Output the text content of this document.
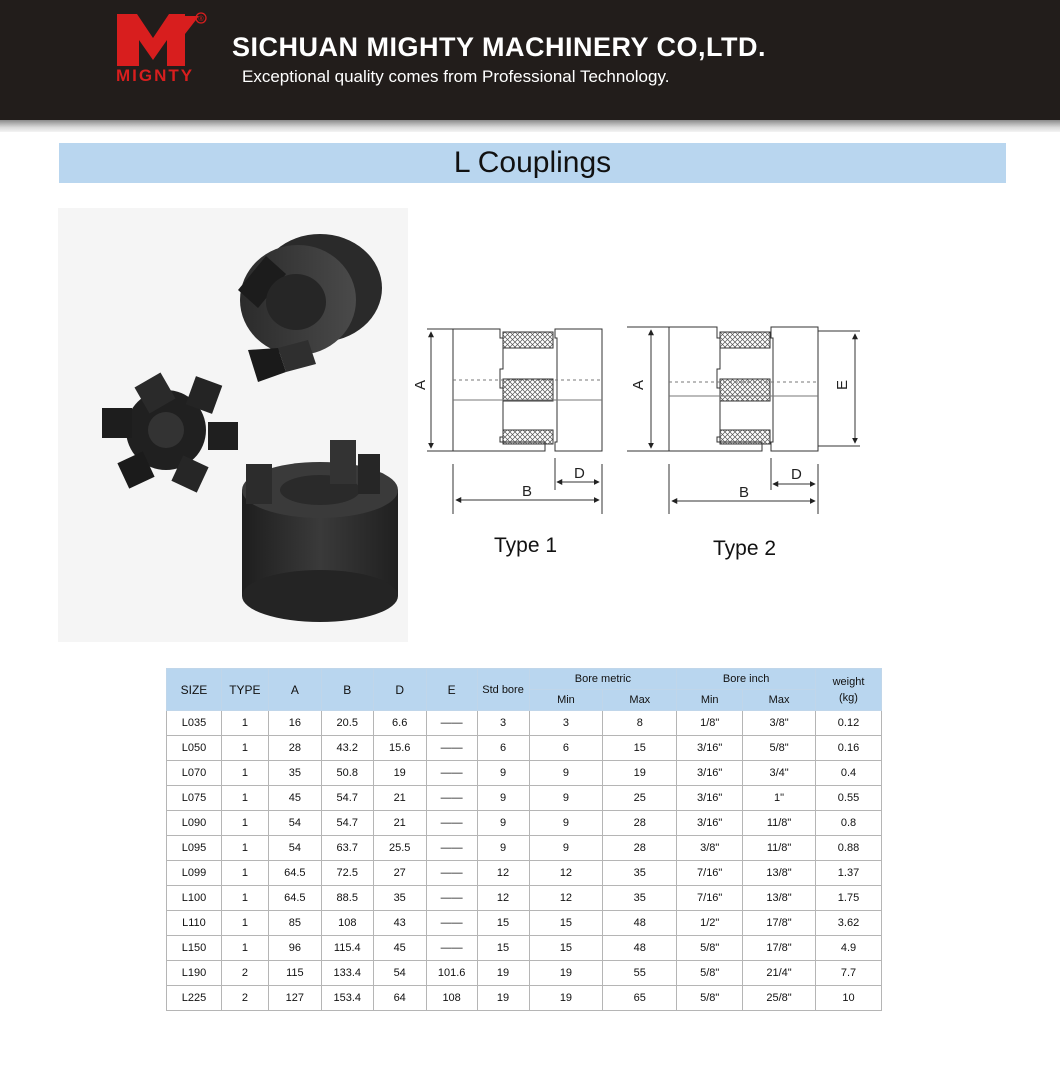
®
MIGNTY
SICHUAN MIGHTY MACHINERY CO,LTD.
Exceptional quality comes from Professional Technology.
L Couplings
A
B
D
A
B
D
E
Type 1	Type 2
SIZE	TYPE	A	B	D	E	Std bore	Bore metric		Bore inch		weight
(kg)

							Min	Max	Min	Max	
L035	1	16	20.5	6.6	——	3	3	8	1/8"	3/8"	0.12
L050	1	28	43.2	15.6	——	6	6	15	3/16"	5/8"	0.16
L070	1	35	50.8	19	——	9	9	19	3/16"	3/4"	0.4
L075	1	45	54.7	21	——	9	9	25	3/16"	1"	0.55
L090	1	54	54.7	21	——	9	9	28	3/16"	11/8"	0.8
L095	1	54	63.7	25.5	——	9	9	28	3/8"	11/8"	0.88
L099	1	64.5	72.5	27	——	12	12	35	7/16"	13/8"	1.37
L100	1	64.5	88.5	35	——	12	12	35	7/16"	13/8"	1.75
L110	1	85	108	43	——	15	15	48	1/2"	17/8"	3.62
L150	1	96	115.4	45	——	15	15	48	5/8"	17/8"	4.9
L190	2	115	133.4	54	101.6	19	19	55	5/8"	21/4"	7.7
L225	2	127	153.4	64	108	19	19	65	5/8"	25/8"	10
